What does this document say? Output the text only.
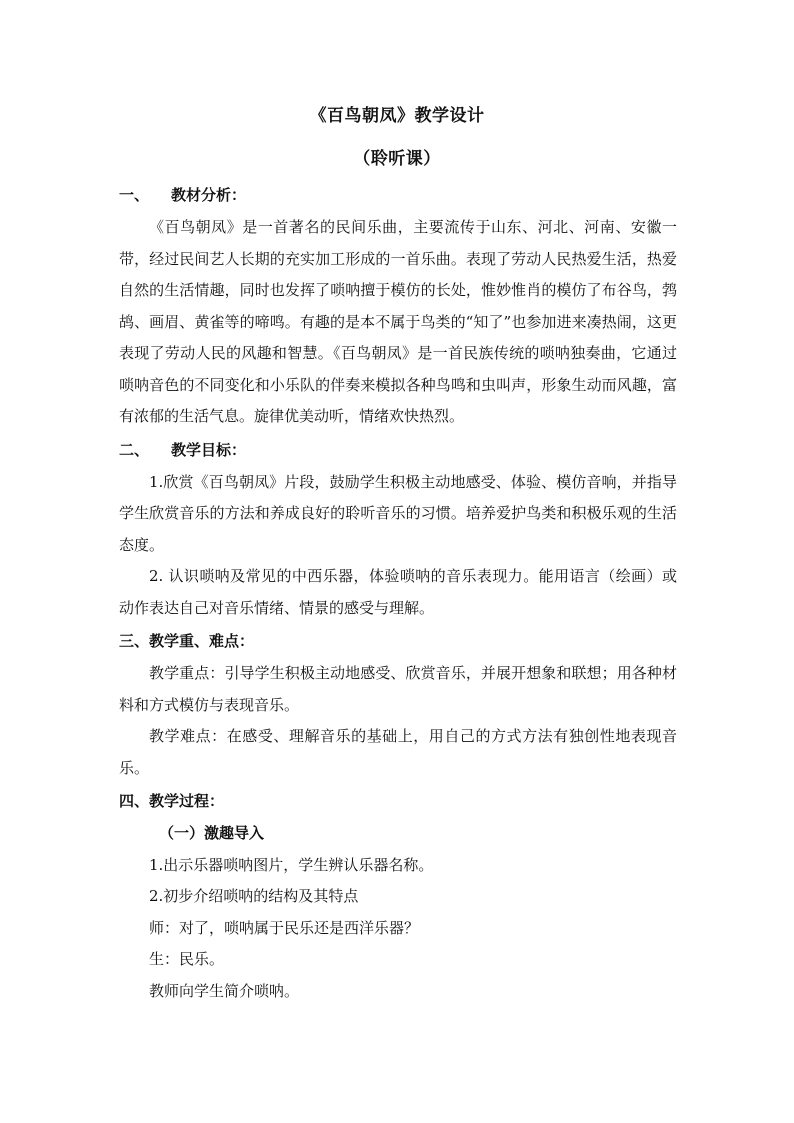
《百鸟朝凤》教学设计
（聆听课）
一、 教材分析：

《百鸟朝凤》是一首著名的民间乐曲，主要流传于山东、河北、河南、安徽一带，经过民间艺人长期的充实加工形成的一首乐曲。表现了劳动人民热爱生活，热爱自然的生活情趣，同时也发挥了唢呐擅于模仿的长处，惟妙惟肖的模仿了布谷鸟，鹁鸪、画眉、黄雀等的啼鸣。有趣的是本不属于鸟类的“知了”也参加进来凑热闹，这更表现了劳动人民的风趣和智慧。《百鸟朝凤》是一首民族传统的唢呐独奏曲，它通过唢呐音色的不同变化和小乐队的伴奏来模拟各种鸟鸣和虫叫声，形象生动而风趣，富有浓郁的生活气息。旋律优美动听，情绪欢快热烈。

二、 教学目标：

1.欣赏《百鸟朝凤》片段，鼓励学生积极主动地感受、体验、模仿音响，并指导学生欣赏音乐的方法和养成良好的聆听音乐的习惯。培养爱护鸟类和积极乐观的生活态度。

2. 认识唢呐及常见的中西乐器，体验唢呐的音乐表现力。能用语言（绘画）或动作表达自己对音乐情绪、情景的感受与理解。

三、教学重、难点：

教学重点：引导学生积极主动地感受、欣赏音乐，并展开想象和联想；用各种材料和方式模仿与表现音乐。

教学难点：在感受、理解音乐的基础上，用自己的方式方法有独创性地表现音乐。

四、教学过程：

（一）激趣导入

1.出示乐器唢呐图片，学生辨认乐器名称。

2.初步介绍唢呐的结构及其特点

师：对了，唢呐属于民乐还是西洋乐器？

生：民乐。

教师向学生简介唢呐。
